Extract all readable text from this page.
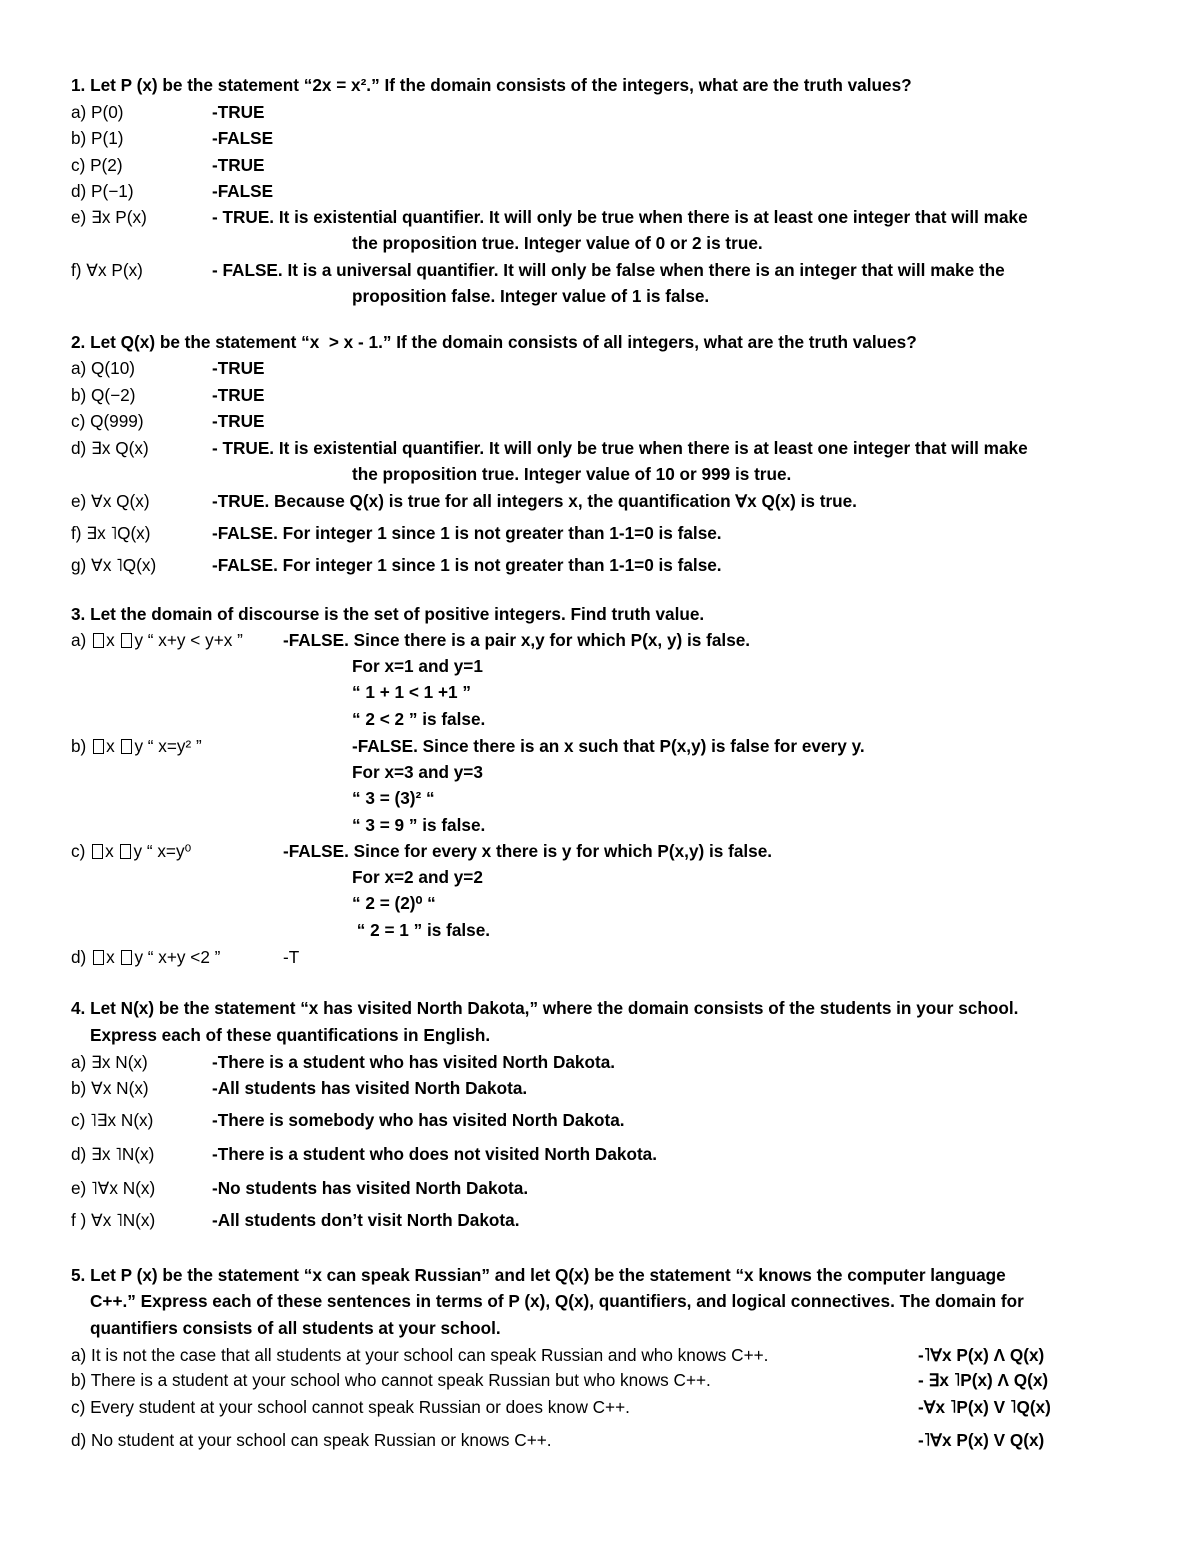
1. Let P (x) be the statement “2x = x².” If the domain consists of the integers, what are the truth values?
a) P(0)	-TRUE
b) P(1)	-FALSE
c) P(2)	-TRUE
d) P(−1)	-FALSE
e) ∃x P(x)	- TRUE. It is existential quantifier. It will only be true when there is at least one integer that will make
the proposition true. Integer value of 0 or 2 is true.
f) ∀x P(x)	- FALSE. It is a universal quantifier. It will only be false when there is an integer that will make the
proposition false. Integer value of 1 is false.
2. Let Q(x) be the statement “x  > x - 1.” If the domain consists of all integers, what are the truth values?
a) Q(10)	-TRUE
b) Q(−2)	-TRUE
c) Q(999)	-TRUE
d) ∃x Q(x)	- TRUE. It is existential quantifier. It will only be true when there is at least one integer that will make
the proposition true. Integer value of 10 or 999 is true.
e) ∀x Q(x)	-TRUE. Because Q(x) is true for all integers x, the quantification ∀x Q(x) is true.
f) ∃x ˥Q(x)	-FALSE. For integer 1 since 1 is not greater than 1-1=0 is false.
g) ∀x ˥Q(x)	-FALSE. For integer 1 since 1 is not greater than 1-1=0 is false.
3. Let the domain of discourse is the set of positive integers. Find truth value.
a) x y “ x+y < y+x ” -FALSE. Since there is a pair x,y for which P(x, y) is false.
For x=1 and y=1
“ 1 + 1 < 1 +1 ”
“ 2 < 2 ” is false.
b) x y “ x=y² ”	-FALSE. Since there is an x such that P(x,y) is false for every y.
For x=3 and y=3
“ 3 = (3)² “
“ 3 = 9 ” is false.
c) x y “ x=y⁰	-FALSE. Since for every x there is y for which P(x,y) is false.
For x=2 and y=2
“ 2 = (2)⁰ “
“ 2 = 1 ” is false.
d) x y “ x+y <2 ”	-T
4. Let N(x) be the statement “x has visited North Dakota,” where the domain consists of the students in your school.
Express each of these quantifications in English.
a) ∃x N(x)	-There is a student who has visited North Dakota.
b) ∀x N(x)	-All students has visited North Dakota.
c) ˥∃x N(x)	-There is somebody who has visited North Dakota.
d) ∃x ˥N(x)	-There is a student who does not visited North Dakota.
e) ˥∀x N(x)	-No students has visited North Dakota.
f ) ∀x ˥N(x)	-All students don’t visit North Dakota.
5. Let P (x) be the statement “x can speak Russian” and let Q(x) be the statement “x knows the computer language
C++.” Express each of these sentences in terms of P (x), Q(x), quantifiers, and logical connectives. The domain for
quantifiers consists of all students at your school.
a) It is not the case that all students at your school can speak Russian and who knows C++.	-˥∀x P(x) Λ Q(x)
b) There is a student at your school who cannot speak Russian but who knows C++.	- ∃x ˥P(x) Λ Q(x)
c) Every student at your school cannot speak Russian or does know C++.	-∀x ˥P(x) V ˥Q(x)
d) No student at your school can speak Russian or knows C++.	-˥∀x P(x) V Q(x)
